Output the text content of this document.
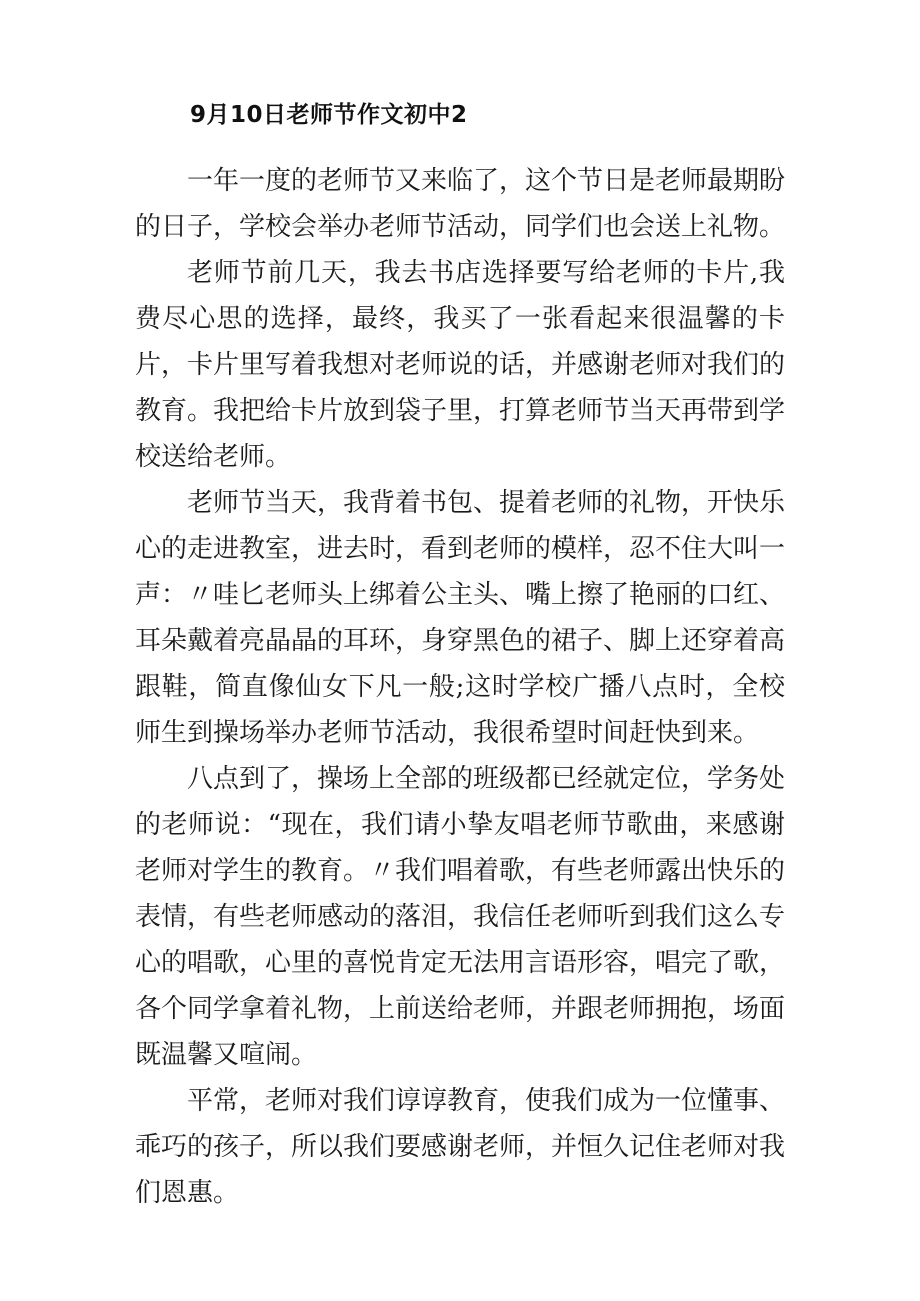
9月10日老师节作文初中2

一年一度的老师节又来临了，这个节日是老师最期盼的日子，学校会举办老师节活动，同学们也会送上礼物。

老师节前几天，我去书店选择要写给老师的卡片,我费尽心思的选择，最终，我买了一张看起来很温馨的卡片，卡片里写着我想对老师说的话，并感谢老师对我们的教育。我把给卡片放到袋子里，打算老师节当天再带到学校送给老师。

老师节当天，我背着书包、提着老师的礼物，开快乐心的走进教室，进去时，看到老师的模样，忍不住大叫一声：〃哇匕老师头上绑着公主头、嘴上擦了艳丽的口红、耳朵戴着亮晶晶的耳环，身穿黑色的裙子、脚上还穿着高跟鞋，简直像仙女下凡一般;这时学校广播八点时，全校师生到操场举办老师节活动，我很希望时间赶快到来。

八点到了，操场上全部的班级都已经就定位，学务处的老师说：“现在，我们请小挚友唱老师节歌曲，来感谢老师对学生的教育。〃我们唱着歌，有些老师露出快乐的表情，有些老师感动的落泪，我信任老师听到我们这么专心的唱歌，心里的喜悦肯定无法用言语形容，唱完了歌，各个同学拿着礼物，上前送给老师，并跟老师拥抱，场面既温馨又喧闹。

平常，老师对我们谆谆教育，使我们成为一位懂事、乖巧的孩子，所以我们要感谢老师，并恒久记住老师对我们恩惠。
